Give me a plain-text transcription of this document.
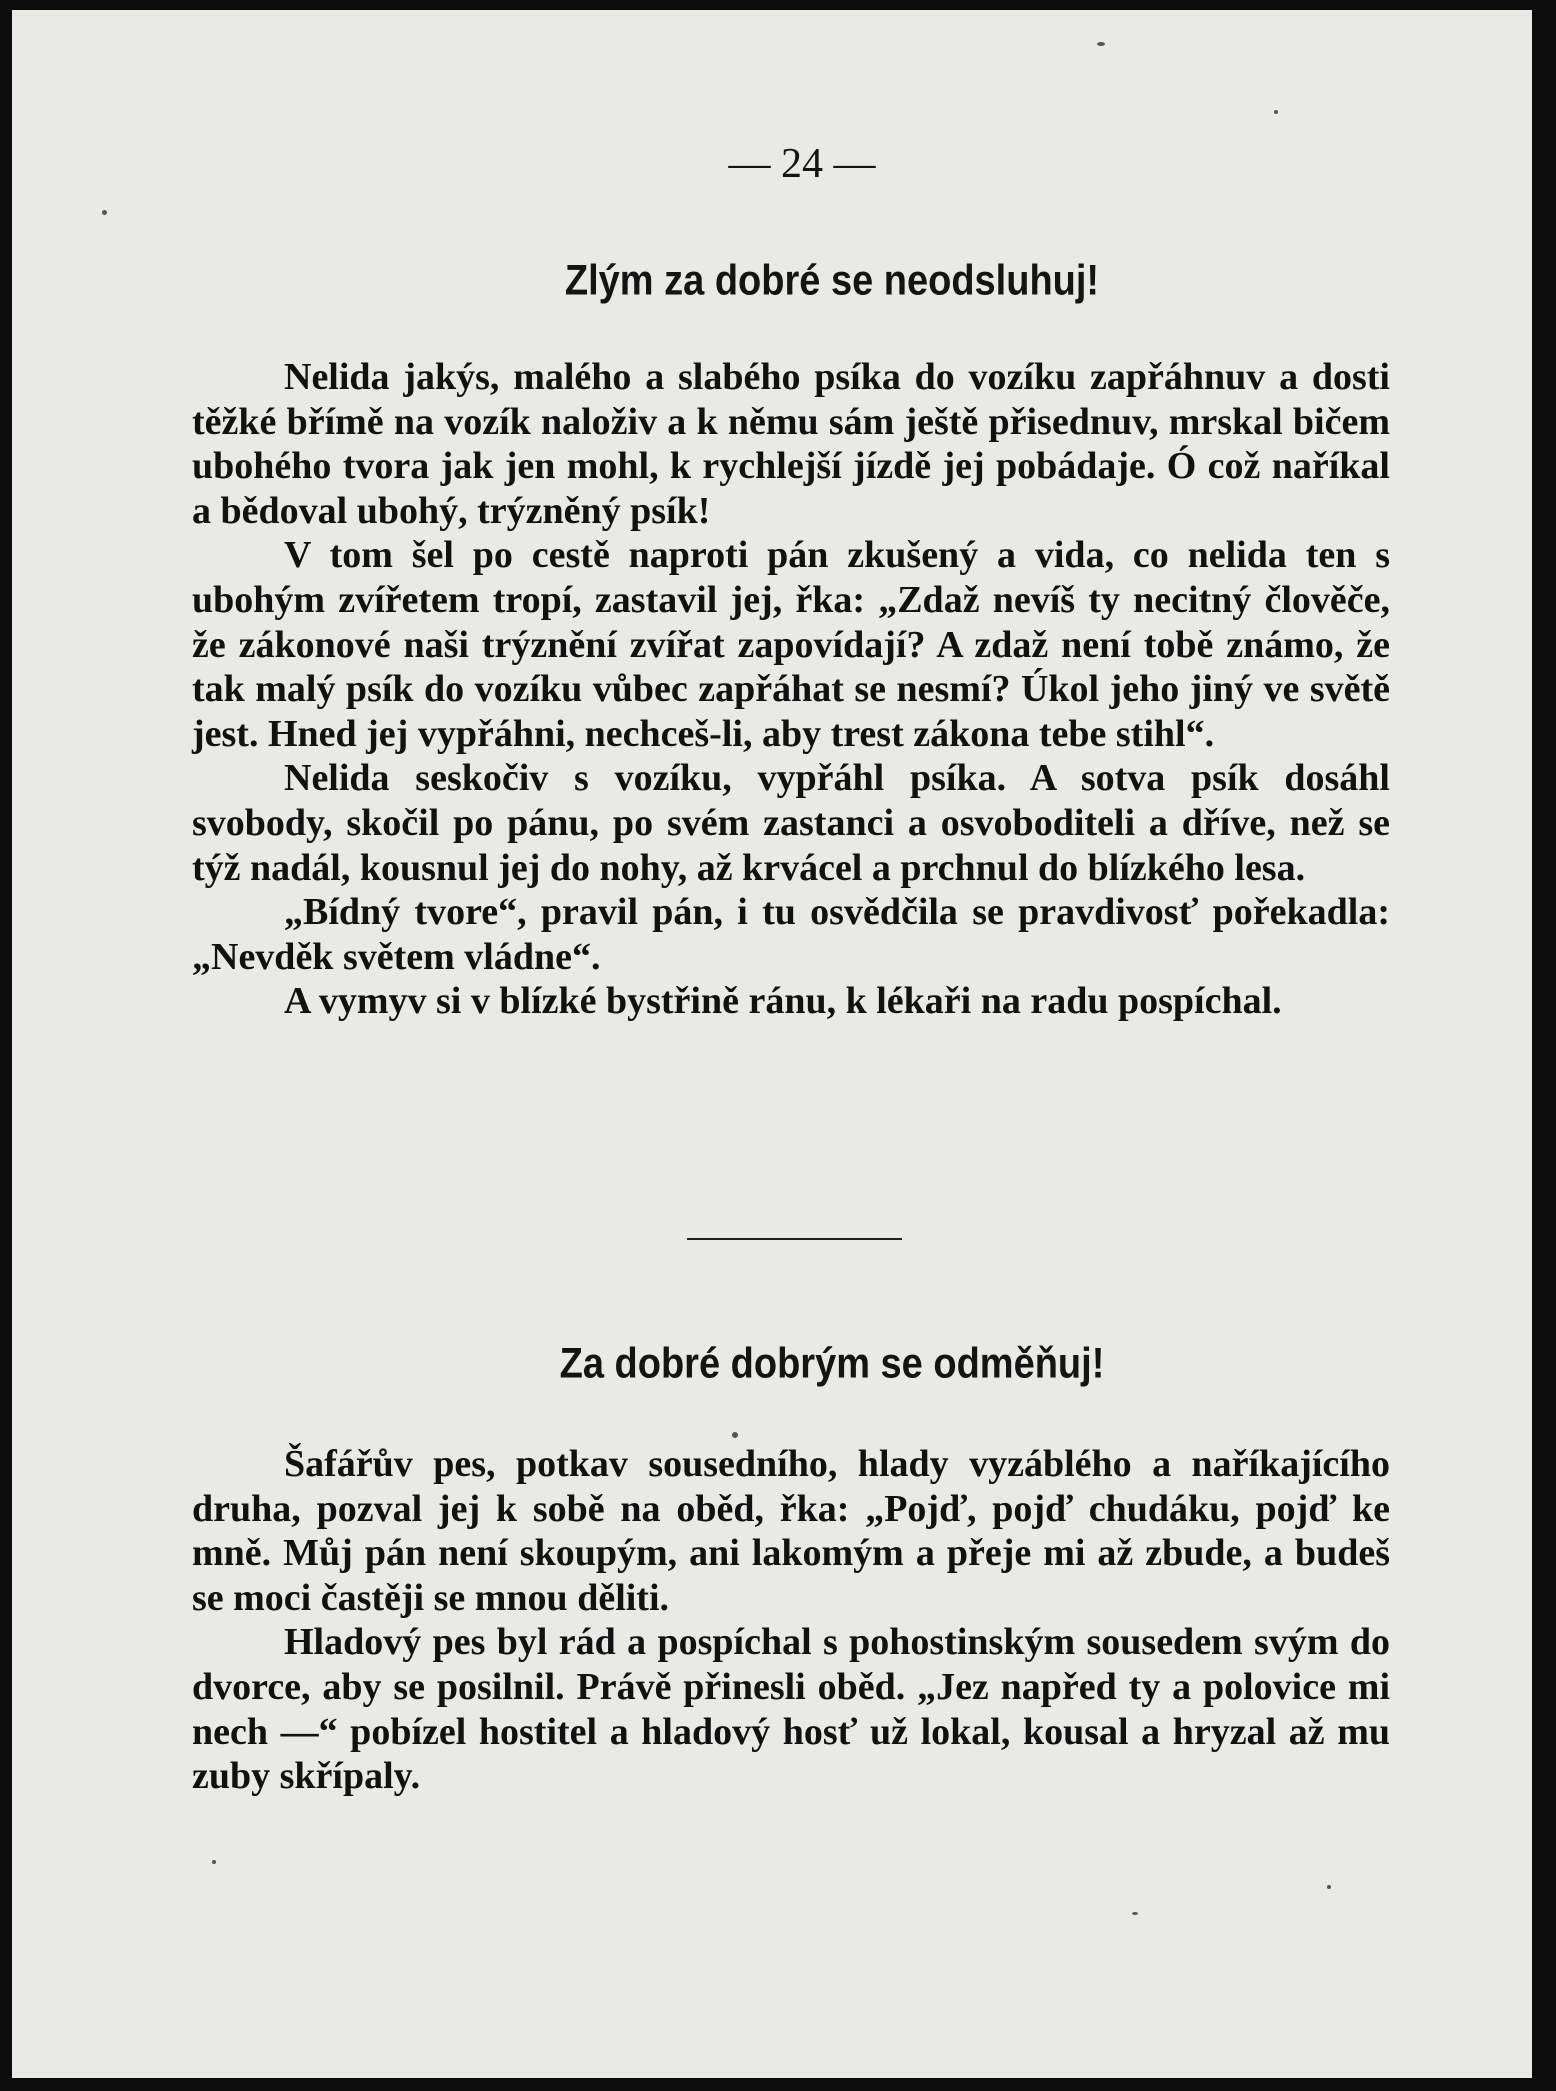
— 24 —
Zlým za dobré se neodsluhuj!

Nelida jakýs, malého a slabého psíka do vozíku zapřáhnuv a dosti těžké břímě na vozík naloživ a k němu sám ještě přisednuv, mrskal bičem ubohého tvora jak jen mohl, k rychlejší jízdě jej pobádaje. Ó což naříkal a bědoval ubohý, trýzněný psík!

V tom šel po cestě naproti pán zkušený a vida, co nelida ten s ubohým zvířetem tropí, zastavil jej, řka: „Zdaž nevíš ty necitný člověče, že zákonové naši trýznění zvířat zapovídají? A zdaž není tobě známo, že tak malý psík do vozíku vůbec zapřáhat se nesmí? Úkol jeho jiný ve světě jest. Hned jej vypřáhni, nechceš-li, aby trest zákona tebe stihl“.

Nelida seskočiv s vozíku, vypřáhl psíka. A sotva psík dosáhl svobody, skočil po pánu, po svém zastanci a osvoboditeli a dříve, než se týž nadál, kousnul jej do nohy, až krvácel a prchnul do blízkého lesa.

„Bídný tvore“, pravil pán, i tu osvědčila se pravdivosť pořekadla: „Nevděk světem vládne“.

A vymyv si v blízké bystřině ránu, k lékaři na radu pospíchal.

Za dobré dobrým se odměňuj!

Šafářův pes, potkav sousedního, hlady vyzáblého a naříkajícího druha, pozval jej k sobě na oběd, řka: „Pojď, pojď chudáku, pojď ke mně. Můj pán není skoupým, ani lakomým a přeje mi až zbude, a budeš se moci častěji se mnou děliti.

Hladový pes byl rád a pospíchal s pohostinským sousedem svým do dvorce, aby se posilnil. Právě přinesli oběd. „Jez napřed ty a polovice mi nech —“ pobízel hostitel a hladový hosť už lokal, kousal a hryzal až mu zuby skřípaly.
